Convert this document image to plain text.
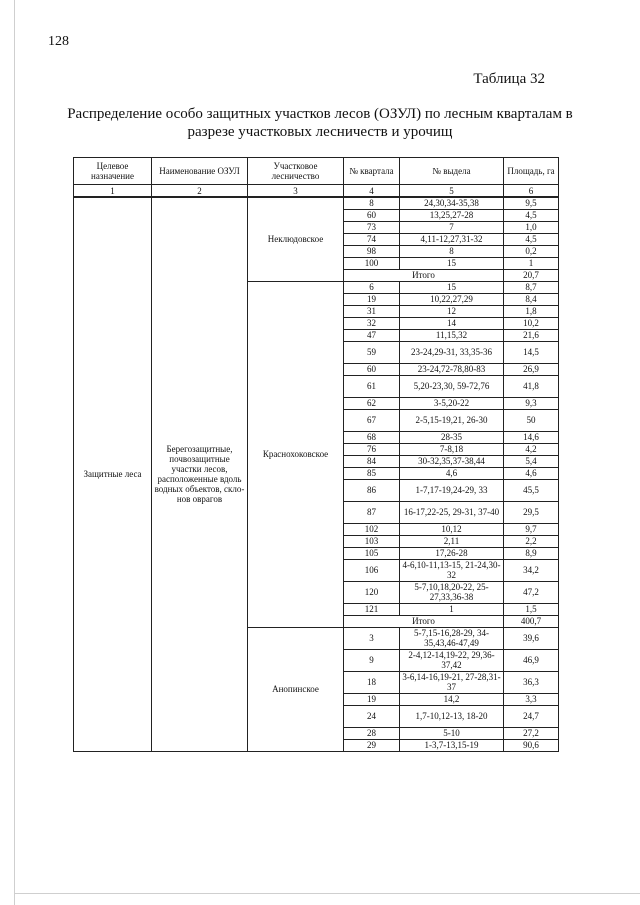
128
Таблица 32
Распределение особо защитных участков лесов (ОЗУЛ) по лесным кварталам в
разрезе участковых лесничеств и урочищ
Целевое назначение	Наименование ОЗУЛ	Участковое лесничество	№ квартала	№ выдела	Площадь, га
1	2	3	4	5	6
Защитные леса	Берегозащитные, почвозащитные участки лесов, расположенные вдоль водных объектов, скло-нов оврагов	Неклюдовское	8	24,30,34-35,38	9,5
			60	13,25,27-28	4,5
			73	7	1,0
			74	4,11-12,27,31-32	4,5
			98	8	0,2
			100	15	1
			Итого		20,7
		Краснохоковское	6	15	8,7
			19	10,22,27,29	8,4
			31	12	1,8
			32	14	10,2
			47	11,15,32	21,6
			59	23-24,29-31, 33,35-36	14,5
			60	23-24,72-78,80-83	26,9
			61	5,20-23,30, 59-72,76	41,8
			62	3-5,20-22	9,3
			67	2-5,15-19,21, 26-30	50
			68	28-35	14,6
			76	7-8,18	4,2
			84	30-32,35,37-38,44	5,4
			85	4,6	4,6
			86	1-7,17-19,24-29, 33	45,5
			87	16-17,22-25, 29-31, 37-40	29,5
			102	10,12	9,7
			103	2,11	2,2
			105	17,26-28	8,9
			106	4-6,10-11,13-15, 21-24,30-32	34,2
			120	5-7,10,18,20-22, 25-27,33,36-38	47,2
			121	1	1,5
			Итого		400,7
		Анопинское	3	5-7,15-16,28-29, 34-35,43,46-47,49	39,6
			9	2-4,12-14,19-22, 29,36-37,42	46,9
			18	3-6,14-16,19-21, 27-28,31-37	36,3
			19	14,2	3,3
			24	1,7-10,12-13, 18-20	24,7
			28	5-10	27,2
			29	1-3,7-13,15-19	90,6
